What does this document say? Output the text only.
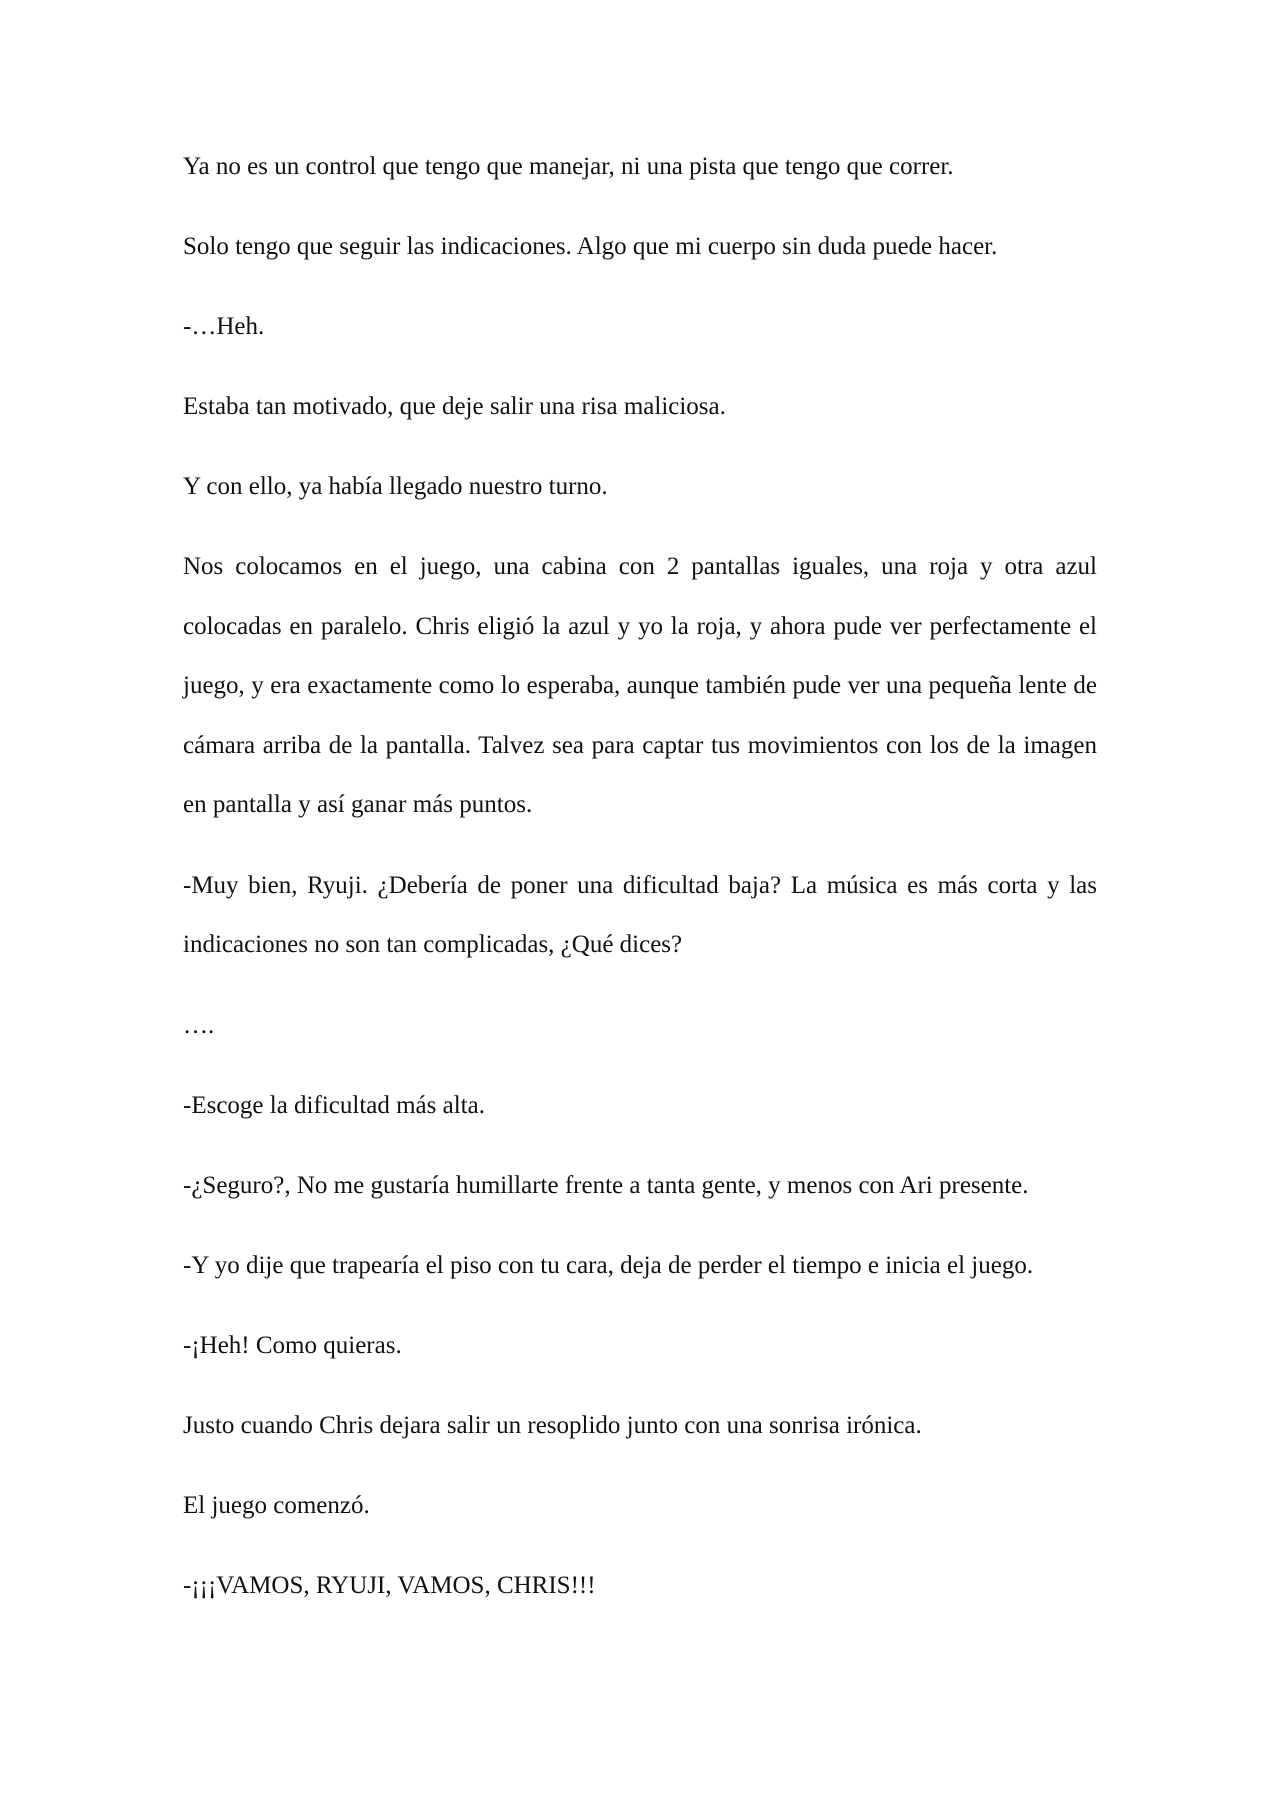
Ya no es un control que tengo que manejar, ni una pista que tengo que correr.

Solo tengo que seguir las indicaciones. Algo que mi cuerpo sin duda puede hacer.

-…Heh.

Estaba tan motivado, que deje salir una risa maliciosa.

Y con ello, ya había llegado nuestro turno.

Nos colocamos en el juego, una cabina con 2 pantallas iguales, una roja y otra azul colocadas en paralelo. Chris eligió la azul y yo la roja, y ahora pude ver perfectamente el juego, y era exactamente como lo esperaba, aunque también pude ver una pequeña lente de cámara arriba de la pantalla. Talvez sea para captar tus movimientos con los de la imagen en pantalla y así ganar más puntos.

-Muy bien, Ryuji. ¿Debería de poner una dificultad baja? La música es más corta y las indicaciones no son tan complicadas, ¿Qué dices?

….

-Escoge la dificultad más alta.

-¿Seguro?, No me gustaría humillarte frente a tanta gente, y menos con Ari presente.

-Y yo dije que trapearía el piso con tu cara, deja de perder el tiempo e inicia el juego.

-¡Heh! Como quieras.

Justo cuando Chris dejara salir un resoplido junto con una sonrisa irónica.

El juego comenzó.

-¡¡¡VAMOS, RYUJI, VAMOS, CHRIS!!!
